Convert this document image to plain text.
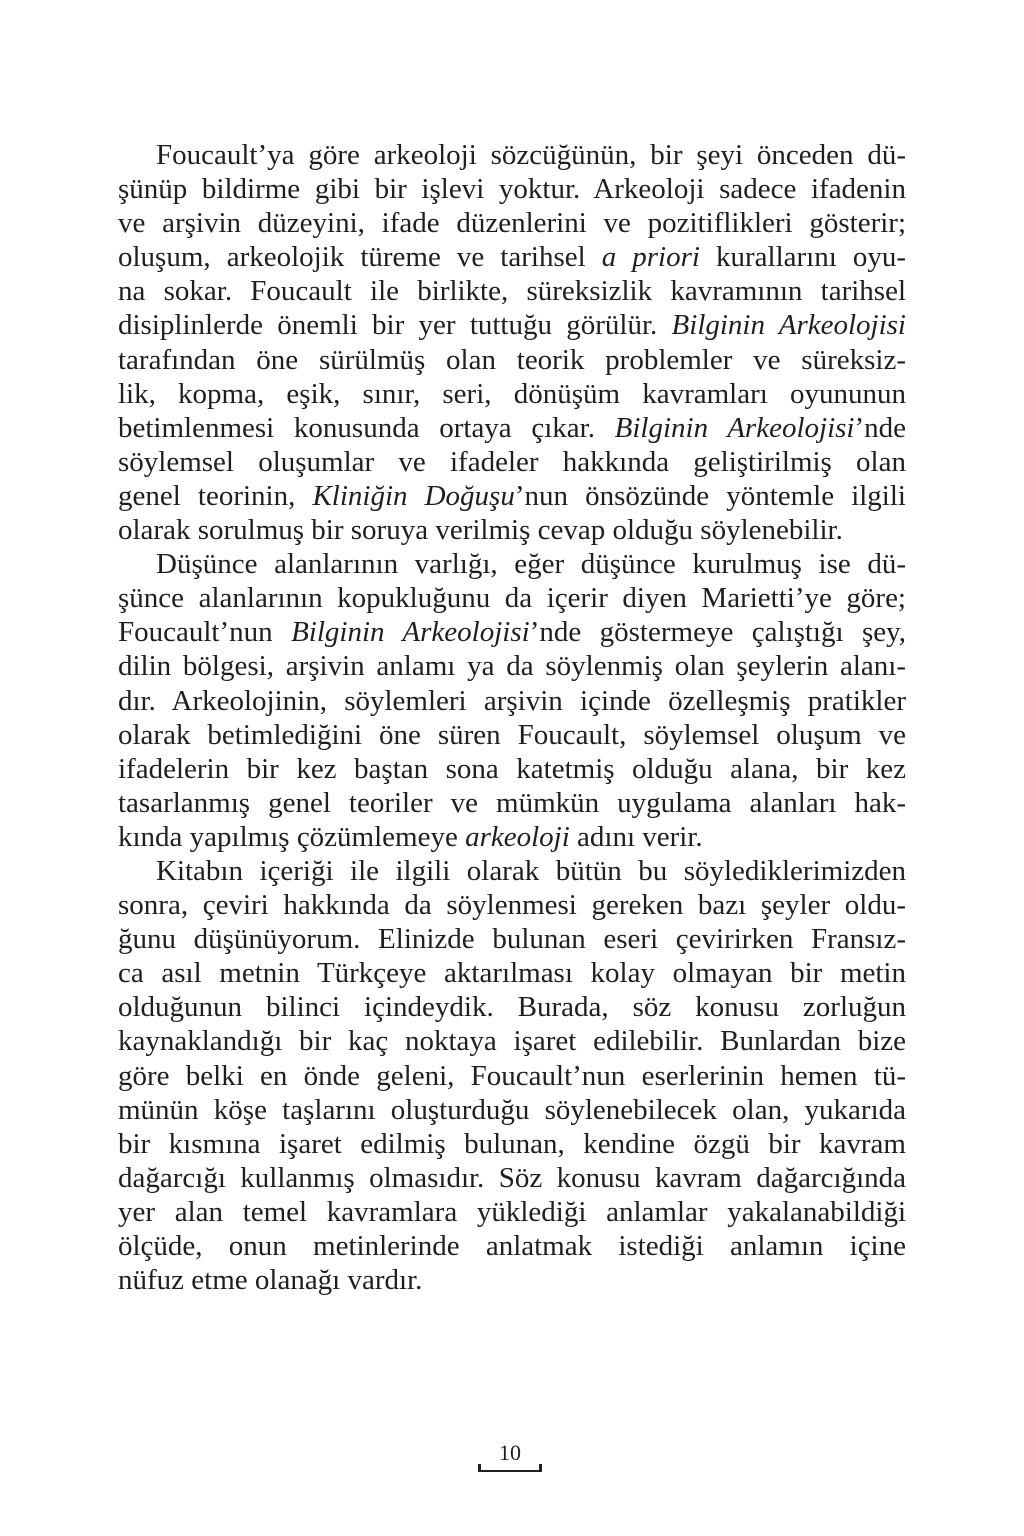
Foucault’ya göre arkeoloji sözcüğünün, bir şeyi önceden dü-
şünüp bildirme gibi bir işlevi yoktur. Arkeoloji sadece ifadenin
ve arşivin düzeyini, ifade düzenlerini ve pozitiflikleri gösterir;
oluşum, arkeolojik türeme ve tarihsel a priori kurallarını oyu-
na sokar. Foucault ile birlikte, süreksizlik kavramının tarihsel
disiplinlerde önemli bir yer tuttuğu görülür. Bilginin Arkeolojisi
tarafından öne sürülmüş olan teorik problemler ve süreksiz-
lik, kopma, eşik, sınır, seri, dönüşüm kavramları oyununun
betimlenmesi konusunda ortaya çıkar. Bilginin Arkeolojisi’nde
söylemsel oluşumlar ve ifadeler hakkında geliştirilmiş olan
genel teorinin, Kliniğin Doğuşu’nun önsözünde yöntemle ilgili
olarak sorulmuş bir soruya verilmiş cevap olduğu söylenebilir.
Düşünce alanlarının varlığı, eğer düşünce kurulmuş ise dü-
şünce alanlarının kopukluğunu da içerir diyen Marietti’ye göre;
Foucault’nun Bilginin Arkeolojisi’nde göstermeye çalıştığı şey,
dilin bölgesi, arşivin anlamı ya da söylenmiş olan şeylerin alanı-
dır. Arkeolojinin, söylemleri arşivin içinde özelleşmiş pratikler
olarak betimlediğini öne süren Foucault, söylemsel oluşum ve
ifadelerin bir kez baştan sona katetmiş olduğu alana, bir kez
tasarlanmış genel teoriler ve mümkün uygulama alanları hak-
kında yapılmış çözümlemeye arkeoloji adını verir.
Kitabın içeriği ile ilgili olarak bütün bu söylediklerimizden
sonra, çeviri hakkında da söylenmesi gereken bazı şeyler oldu-
ğunu düşünüyorum. Elinizde bulunan eseri çevirirken Fransız-
ca asıl metnin Türkçeye aktarılması kolay olmayan bir metin
olduğunun bilinci içindeydik. Burada, söz konusu zorluğun
kaynaklandığı bir kaç noktaya işaret edilebilir. Bunlardan bize
göre belki en önde geleni, Foucault’nun eserlerinin hemen tü-
münün köşe taşlarını oluşturduğu söylenebilecek olan, yukarıda
bir kısmına işaret edilmiş bulunan, kendine özgü bir kavram
dağarcığı kullanmış olmasıdır. Söz konusu kavram dağarcığında
yer alan temel kavramlara yüklediği anlamlar yakalanabildiği
ölçüde, onun metinlerinde anlatmak istediği anlamın içine
nüfuz etme olanağı vardır.
10
